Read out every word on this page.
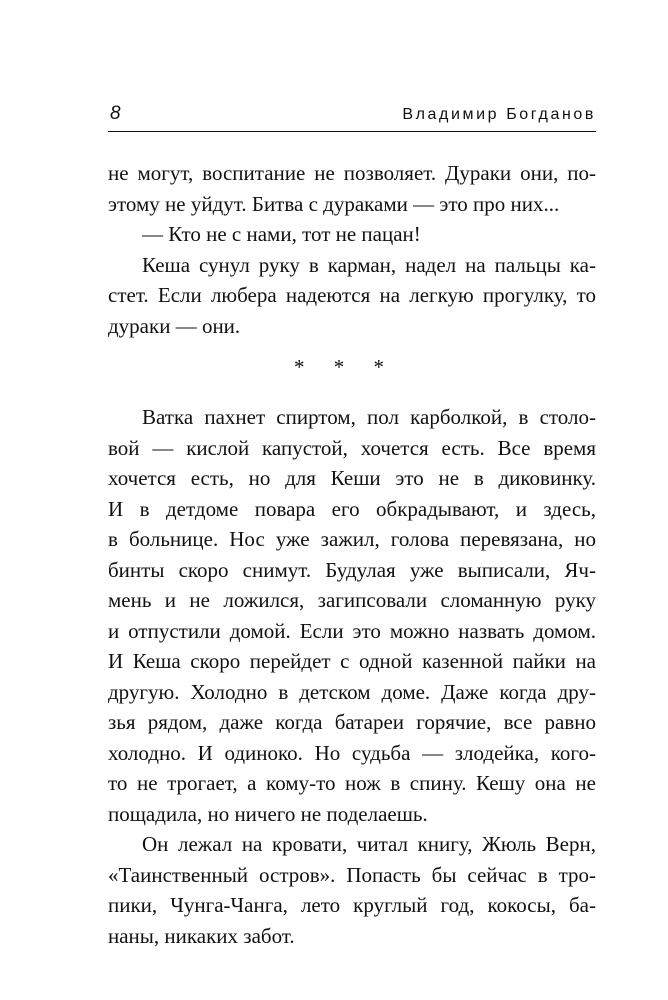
8	Владимир Богданов
не могут, воспитание не позволяет. Дураки они, по-
этому не уйдут. Битва с дураками — это про них...
— Кто не с нами, тот не пацан!
Кеша сунул руку в карман, надел на пальцы ка-
стет. Если люберa надеются на легкую прогулку, то
дураки — они.
* * *
Ватка пахнет спиртом, пол карболкой, в столо-
вой — кислой капустой, хочется есть. Все время
хочется есть, но для Кеши это не в диковинку.
И в детдоме повара его обкрадывают, и здесь,
в больнице. Нос уже зажил, голова перевязана, но
бинты скоро снимут. Будулая уже выписали, Яч-
мень и не ложился, загипсовали сломанную руку
и отпустили домой. Если это можно назвать домом.
И Кеша скоро перейдет с одной казенной пайки на
другую. Холодно в детском доме. Даже когда дру-
зья рядом, даже когда батареи горячие, все равно
холодно. И одиноко. Но судьба — злодейка, кого-
то не трогает, а кому-то нож в спину. Кешу она не
пощадила, но ничего не поделаешь.
Он лежал на кровати, читал книгу, Жюль Верн,
«Таинственный остров». Попасть бы сейчас в тро-
пики, Чунга-Чанга, лето круглый год, кокосы, ба-
наны, никаких забот.
